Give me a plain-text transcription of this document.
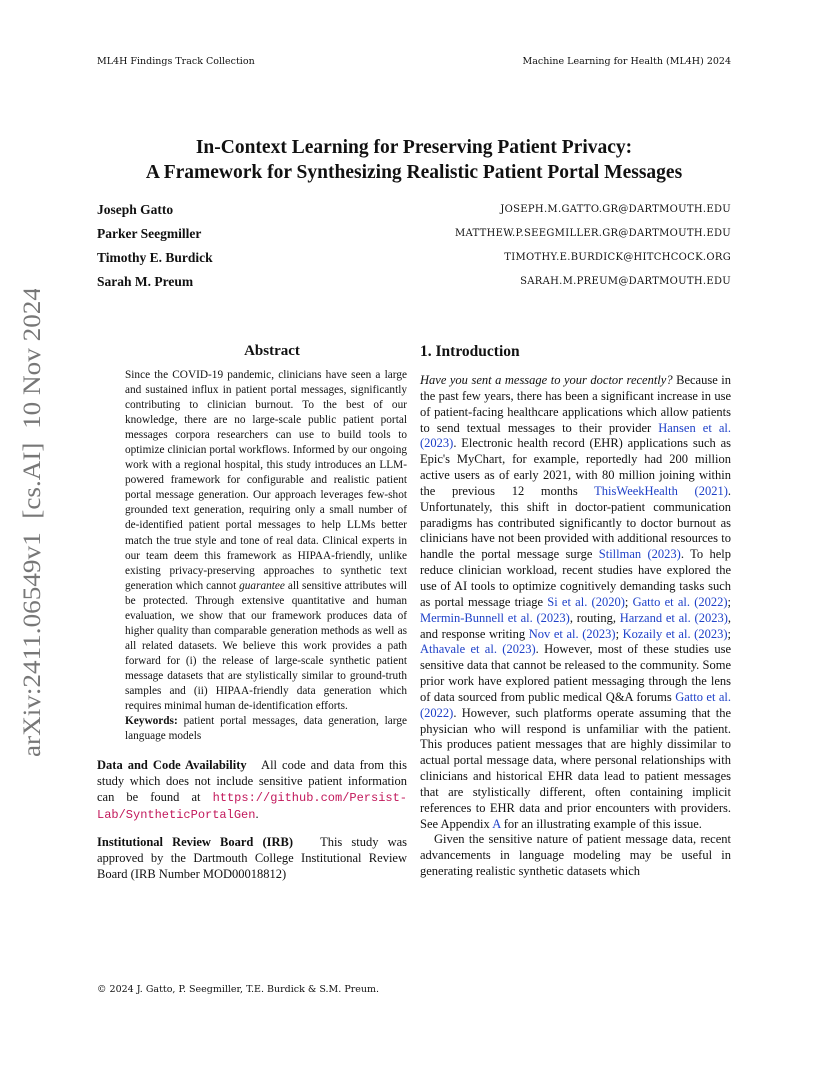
ML4H Findings Track Collection	Machine Learning for Health (ML4H) 2024
In-Context Learning for Preserving Patient Privacy:
A Framework for Synthesizing Realistic Patient Portal Messages
Joseph Gatto	JOSEPH.M.GATTO.GR@DARTMOUTH.EDU
Parker Seegmiller	MATTHEW.P.SEEGMILLER.GR@DARTMOUTH.EDU
Timothy E. Burdick	TIMOTHY.E.BURDICK@HITCHCOCK.ORG
Sarah M. Preum	SARAH.M.PREUM@DARTMOUTH.EDU
arXiv:2411.06549v1  [cs.AI]  10 Nov 2024	Abstract
Since the COVID-19 pandemic, clinicians have seen a large and sustained influx in patient portal messages, significantly contributing to clinician burnout. To the best of our knowledge, there are no large-scale public patient portal messages corpora researchers can use to build tools to optimize clinician portal workflows. Informed by our ongoing work with a regional hospital, this study introduces an LLM-powered framework for configurable and realistic patient portal message generation. Our approach leverages few-shot grounded text generation, requiring only a small number of de-identified patient portal messages to help LLMs better match the true style and tone of real data. Clinical experts in our team deem this framework as HIPAA-friendly, unlike existing privacy-preserving approaches to synthetic text generation which cannot guarantee all sensitive attributes will be protected. Through extensive quantitative and human evaluation, we show that our framework produces data of higher quality than comparable generation methods as well as all related datasets. We believe this work provides a path forward for (i) the release of large-scale synthetic patient message datasets that are stylistically similar to ground-truth samples and (ii) HIPAA-friendly data generation which requires minimal human de-identification efforts.
Keywords: patient portal messages, data generation, large language models
Data and Code Availability All code and data from this study which does not include sensitive patient information can be found at https://github.com/Persist-Lab/SyntheticPortalGen.
Institutional Review Board (IRB) This study was approved by the Dartmouth College Institutional Review Board (IRB Number MOD00018812)
1. Introduction

Have you sent a message to your doctor recently? Because in the past few years, there has been a significant increase in use of patient-facing healthcare applications which allow patients to send textual messages to their provider Hansen et al. (2023). Electronic health record (EHR) applications such as Epic's MyChart, for example, reportedly had 200 million active users as of early 2021, with 80 million joining within the previous 12 months ThisWeekHealth (2021). Unfortunately, this shift in doctor-patient communication paradigms has contributed significantly to doctor burnout as clinicians have not been provided with additional resources to handle the portal message surge Stillman (2023). To help reduce clinician workload, recent studies have explored the use of AI tools to optimize cognitively demanding tasks such as portal message triage Si et al. (2020); Gatto et al. (2022); Mermin-Bunnell et al. (2023), routing, Harzand et al. (2023), and response writing Nov et al. (2023); Kozaily et al. (2023); Athavale et al. (2023). However, most of these studies use sensitive data that cannot be released to the community. Some prior work have explored patient messaging through the lens of data sourced from public medical Q&A forums Gatto et al. (2022). However, such platforms operate assuming that the physician who will respond is unfamiliar with the patient. This produces patient messages that are highly dissimilar to actual portal message data, where personal relationships with clinicians and historical EHR data lead to patient messages that are stylistically different, often containing implicit references to EHR data and prior encounters with providers. See Appendix A for an illustrating example of this issue.

Given the sensitive nature of patient message data, recent advancements in language modeling may be useful in generating realistic synthetic datasets which

© 2024 J. Gatto, P. Seegmiller, T.E. Burdick & S.M. Preum.
